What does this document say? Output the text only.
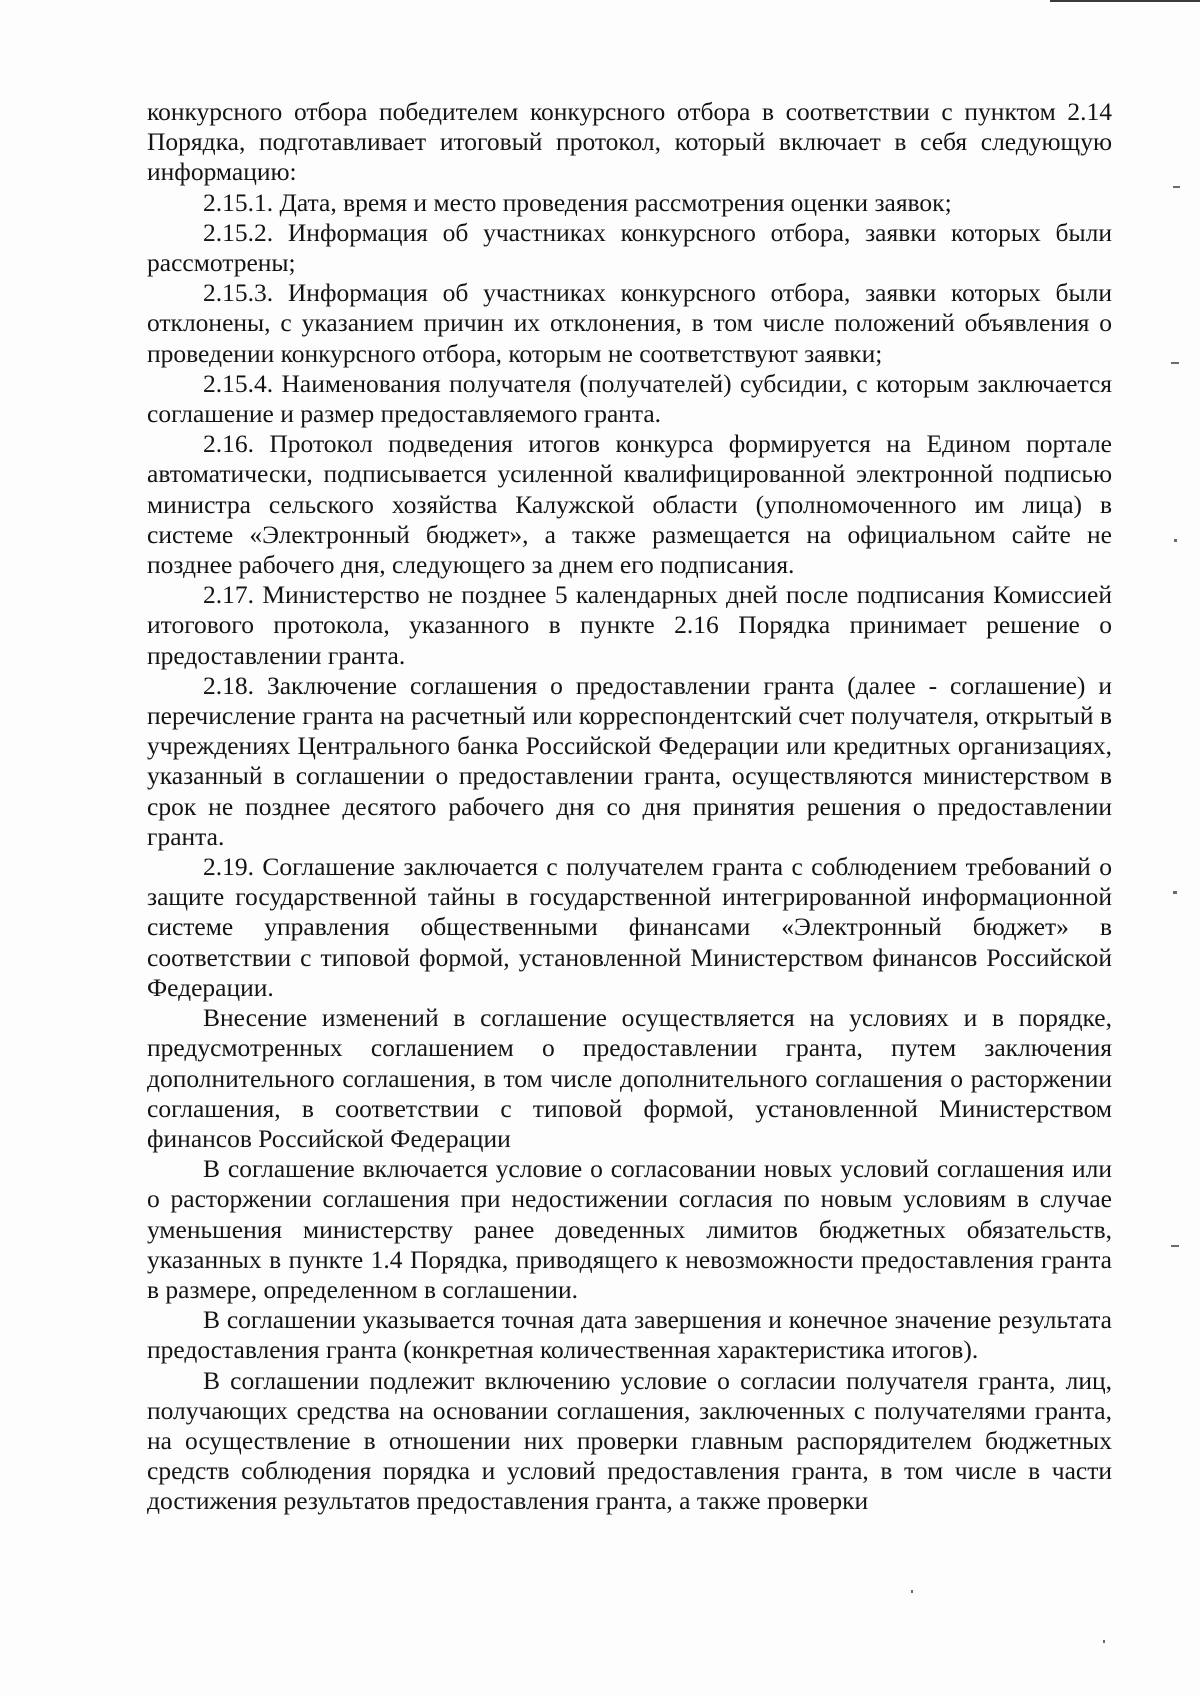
конкурсного отбора победителем конкурсного отбора в соответствии с пунктом 2.14 Порядка, подготавливает итоговый протокол, который включает в себя следующую информацию:

2.15.1. Дата, время и место проведения рассмотрения оценки заявок;

2.15.2. Информация об участниках конкурсного отбора, заявки которых были рассмотрены;

2.15.3. Информация об участниках конкурсного отбора, заявки которых были отклонены, с указанием причин их отклонения, в том числе положений объявления о проведении конкурсного отбора, которым не соответствуют заявки;

2.15.4. Наименования получателя (получателей) субсидии, с которым заключается соглашение и размер предоставляемого гранта.

2.16. Протокол подведения итогов конкурса формируется на Едином портале автоматически, подписывается усиленной квалифицированной электронной подписью министра сельского хозяйства Калужской области (уполномоченного им лица) в системе «Электронный бюджет», а также размещается на официальном сайте не позднее рабочего дня, следующего за днем его подписания.

2.17. Министерство не позднее 5 календарных дней после подписания Комиссией итогового протокола, указанного в пункте 2.16 Порядка принимает решение о предоставлении гранта.

2.18. Заключение соглашения о предоставлении гранта (далее - соглашение) и перечисление гранта на расчетный или корреспондентский счет получателя, открытый в учреждениях Центрального банка Российской Федерации или кредитных организациях, указанный в соглашении о предоставлении гранта, осуществляются министерством в срок не позднее десятого рабочего дня со дня принятия решения о предоставлении гранта.

2.19. Соглашение заключается с получателем гранта с соблюдением требований о защите государственной тайны в государственной интегрированной информационной системе управления общественными финансами «Электронный бюджет» в соответствии с типовой формой, установленной Министерством финансов Российской Федерации.

Внесение изменений в соглашение осуществляется на условиях и в порядке, предусмотренных соглашением о предоставлении гранта, путем заключения дополнительного соглашения, в том числе дополнительного соглашения о расторжении соглашения, в соответствии с типовой формой, установленной Министерством финансов Российской Федерации

В соглашение включается условие о согласовании новых условий соглашения или о расторжении соглашения при недостижении согласия по новым условиям в случае уменьшения министерству ранее доведенных лимитов бюджетных обязательств, указанных в пункте 1.4 Порядка, приводящего к невозможности предоставления гранта в размере, определенном в соглашении.

В соглашении указывается точная дата завершения и конечное значение результата предоставления гранта (конкретная количественная характеристика итогов).

В соглашении подлежит включению условие о согласии получателя гранта, лиц, получающих средства на основании соглашения, заключенных с получателями гранта, на осуществление в отношении них проверки главным распорядителем бюджетных средств соблюдения порядка и условий предоставления гранта, в том числе в части достижения результатов предоставления гранта, а также проверки
